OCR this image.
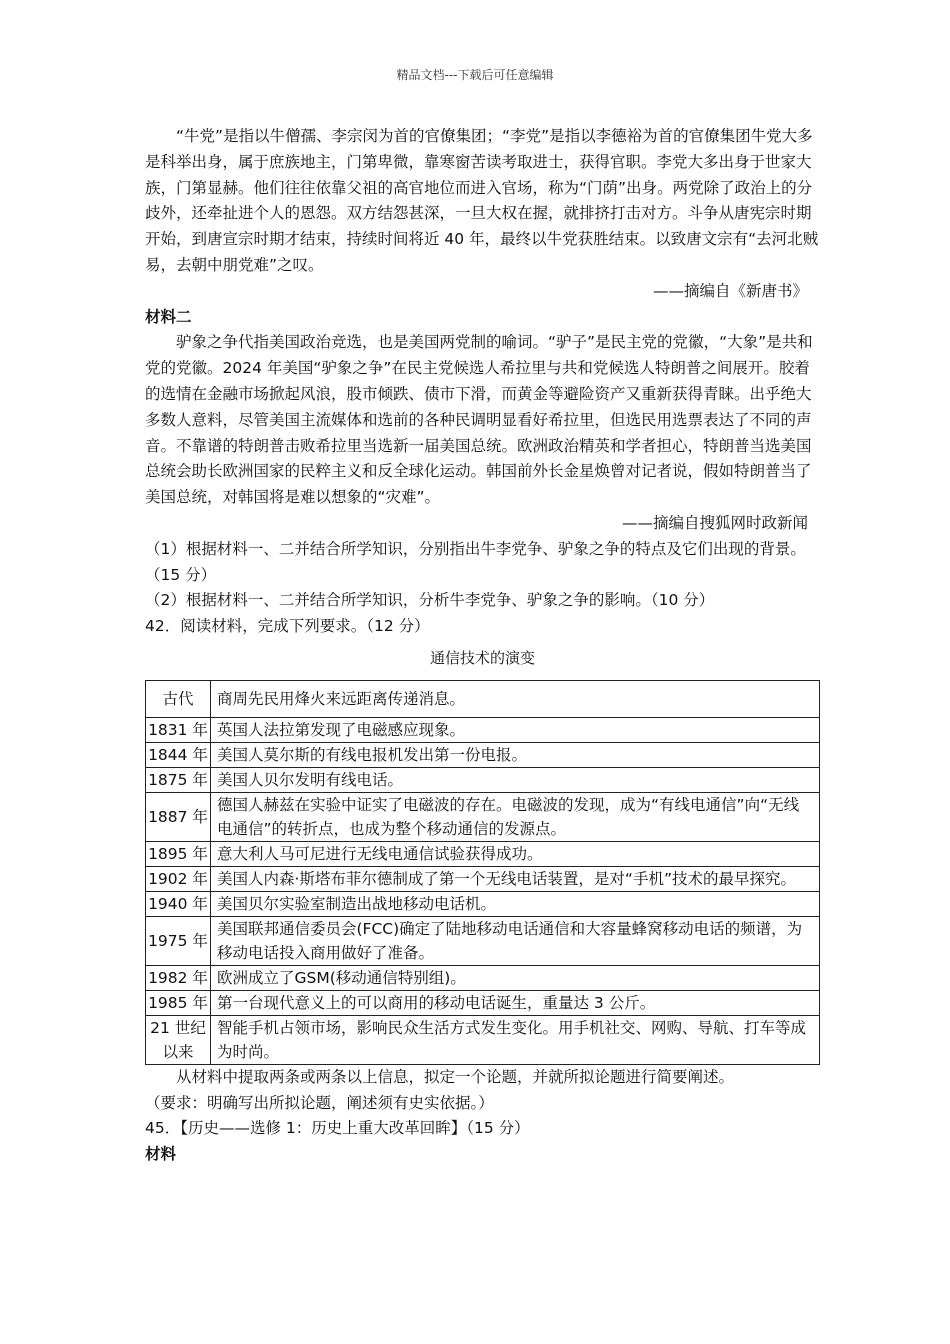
精品文档---下载后可任意编辑

“牛党”是指以牛僧孺、李宗闵为首的官僚集团；“李党”是指以李德裕为首的官僚集团牛党大多是科举出身，属于庶族地主，门第卑微，靠寒窗苦读考取进士，获得官职。李党大多出身于世家大族，门第显赫。他们往往依靠父祖的高官地位而进入官场，称为“门荫”出身。两党除了政治上的分歧外，还牵扯进个人的恩怨。双方结怨甚深，一旦大权在握，就排挤打击对方。斗争从唐宪宗时期开始，到唐宣宗时期才结束，持续时间将近 40 年，最终以牛党获胜结束。以致唐文宗有“去河北贼易，去朝中朋党难”之叹。

——摘编自《新唐书》

材料二

驴象之争代指美国政治竞选，也是美国两党制的喻词。“驴子”是民主党的党徽，“大象”是共和党的党徽。2024 年美国“驴象之争”在民主党候选人希拉里与共和党候选人特朗普之间展开。胶着的选情在金融市场掀起风浪，股市倾跌、债市下滑，而黄金等避险资产又重新获得青睐。出乎绝大多数人意料，尽管美国主流媒体和选前的各种民调明显看好希拉里，但选民用选票表达了不同的声音。不靠谱的特朗普击败希拉里当选新一届美国总统。欧洲政治精英和学者担心，特朗普当选美国总统会助长欧洲国家的民粹主义和反全球化运动。韩国前外长金星焕曾对记者说，假如特朗普当了美国总统，对韩国将是难以想象的“灾难”。

——摘编自搜狐网时政新闻

（1）根据材料一、二并结合所学知识，分别指出牛李党争、驴象之争的特点及它们出现的背景。（15 分）

（2）根据材料一、二并结合所学知识，分析牛李党争、驴象之争的影响。（10 分）

42．阅读材料，完成下列要求。（12 分）

通信技术的演变
古代	商周先民用烽火来远距离传递消息。
1831 年	英国人法拉第发现了电磁感应现象。
1844 年	美国人莫尔斯的有线电报机发出第一份电报。
1875 年	美国人贝尔发明有线电话。
1887 年	德国人赫兹在实验中证实了电磁波的存在。电磁波的发现，成为“有线电通信”向“无线电通信”的转折点，也成为整个移动通信的发源点。
1895 年	意大利人马可尼进行无线电通信试验获得成功。
1902 年	美国人内森·斯塔布菲尔德制成了第一个无线电话装置，是对“手机”技术的最早探究。
1940 年	美国贝尔实验室制造出战地移动电话机。
1975 年	美国联邦通信委员会(FCC)确定了陆地移动电话通信和大容量蜂窝移动电话的频谱，为移动电话投入商用做好了准备。
1982 年	欧洲成立了GSM(移动通信特别组)。
1985 年	第一台现代意义上的可以商用的移动电话诞生，重量达 3 公斤。
21 世纪以来	智能手机占领市场，影响民众生活方式发生变化。用手机社交、网购、导航、打车等成为时尚。

从材料中提取两条或两条以上信息，拟定一个论题，并就所拟论题进行简要阐述。

（要求：明确写出所拟论题，阐述须有史实依据。）

45．【历史——选修 1：历史上重大改革回眸】（15 分）

材料
